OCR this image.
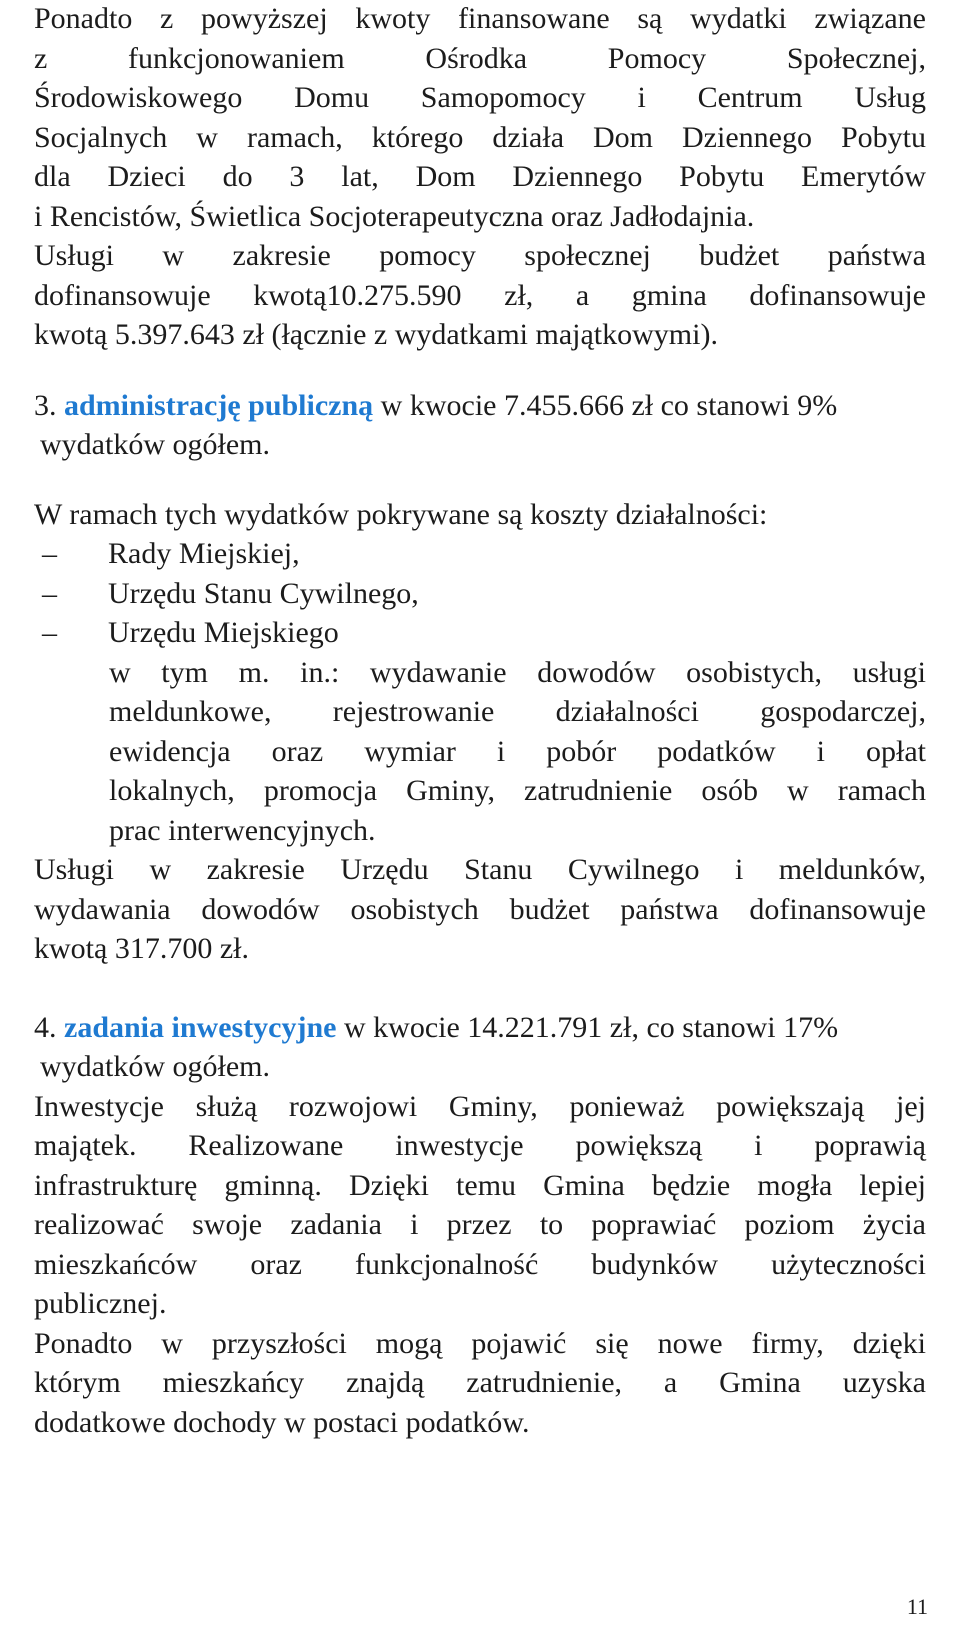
Ponadto z powyższej kwoty finansowane są wydatki związane

z funkcjonowaniem Ośrodka Pomocy Społecznej,

Środowiskowego Domu Samopomocy i Centrum Usług

Socjalnych w ramach, którego działa Dom Dziennego Pobytu

dla Dzieci do 3 lat, Dom Dziennego Pobytu Emerytów

i Rencistów, Świetlica Socjoterapeutyczna oraz Jadłodajnia.

Usługi w zakresie pomocy społecznej budżet państwa

dofinansowuje kwotą10.275.590 zł, a gmina dofinansowuje

kwotą 5.397.643 zł (łącznie z wydatkami majątkowymi).

3. administrację publiczną w kwocie 7.455.666 zł co stanowi 9%

wydatków ogółem.

W ramach tych wydatków pokrywane są koszty działalności:

–	Rady Miejskiej,
–	Urzędu Stanu Cywilnego,
–	Urzędu Miejskiego

w tym m. in.: wydawanie dowodów osobistych, usługi

meldunkowe, rejestrowanie działalności gospodarczej,

ewidencja oraz wymiar i pobór podatków i opłat

lokalnych, promocja Gminy, zatrudnienie osób w ramach

prac interwencyjnych.

Usługi w zakresie Urzędu Stanu Cywilnego i meldunków,

wydawania dowodów osobistych budżet państwa dofinansowuje

kwotą 317.700 zł.

4. zadania inwestycyjne w kwocie 14.221.791 zł, co stanowi 17%

wydatków ogółem.

Inwestycje służą rozwojowi Gminy, ponieważ powiększają jej

majątek. Realizowane inwestycje powiększą i poprawią

infrastrukturę gminną. Dzięki temu Gmina będzie mogła lepiej

realizować swoje zadania i przez to poprawiać poziom życia

mieszkańców oraz funkcjonalność budynków użyteczności

publicznej.

Ponadto w przyszłości mogą pojawić się nowe firmy, dzięki

którym mieszkańcy znajdą zatrudnienie, a Gmina uzyska

dodatkowe dochody w postaci podatków.

11
